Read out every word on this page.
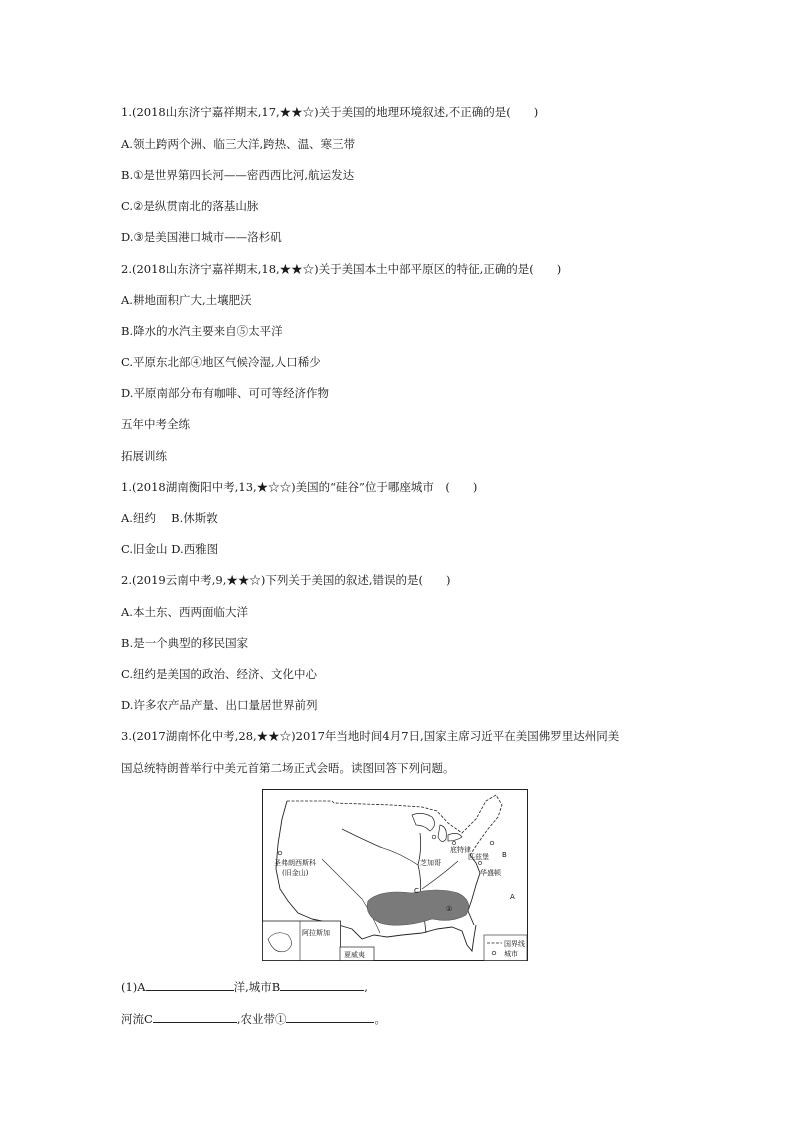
1.(2018山东济宁嘉祥期末,17,★★☆)关于美国的地理环境叙述,不正确的是(　　)
A.领土跨两个洲、临三大洋,跨热、温、寒三带
B.①是世界第四长河——密西西比河,航运发达
C.②是纵贯南北的落基山脉
D.③是美国港口城市——洛杉矶
2.(2018山东济宁嘉祥期末,18,★★☆)关于美国本土中部平原区的特征,正确的是(　　)
A.耕地面积广大,土壤肥沃
B.降水的水汽主要来自⑤太平洋
C.平原东北部④地区气候冷湿,人口稀少
D.平原南部分布有咖啡、可可等经济作物
五年中考全练
拓展训练
1.(2018湖南衡阳中考,13,★☆☆)美国的“硅谷”位于哪座城市　(　　)
A.纽约　 B.休斯敦
C.旧金山 D.西雅图
2.(2019云南中考,9,★★☆)下列关于美国的叙述,错误的是(　　)
A.本土东、西两面临大洋
B.是一个典型的移民国家
C.纽约是美国的政治、经济、文化中心
D.许多农产品产量、出口量居世界前列
3.(2017湖南怀化中考,28,★★☆)2017年当地时间4月7日,国家主席习近平在美国佛罗里达州同美
国总统特朗普举行中美元首第二场正式会晤。读图回答下列问题。
圣弗朗西斯科
(旧金山)
底特律
芝加哥
B
C
A
①
匹兹堡
华盛顿
阿拉斯加
夏威夷
国界线
城市
(1)A	洋,城市B	,
河流C	,农业带①	。
